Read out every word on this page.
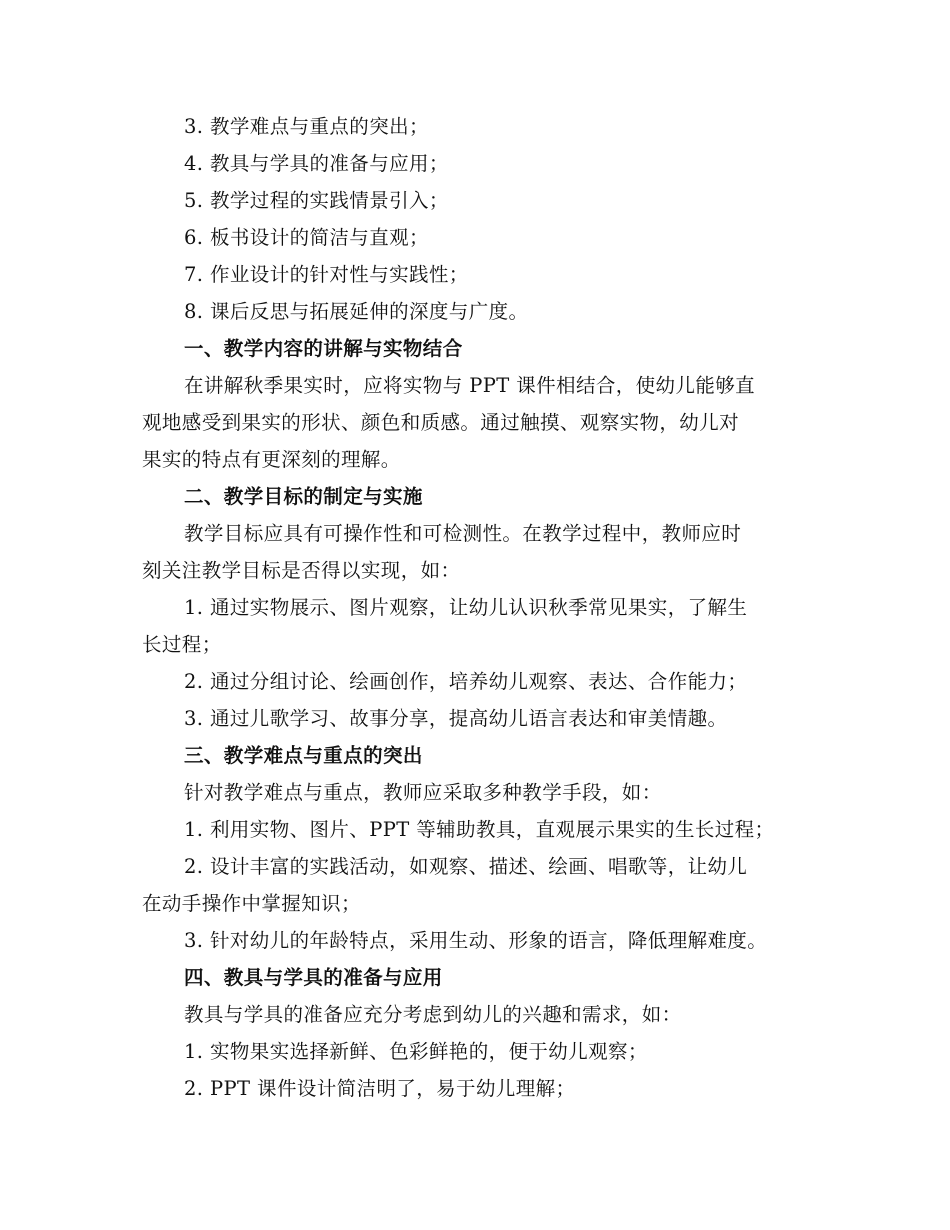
3. 教学难点与重点的突出；
4. 教具与学具的准备与应用；
5. 教学过程的实践情景引入；
6. 板书设计的简洁与直观；
7. 作业设计的针对性与实践性；
8. 课后反思与拓展延伸的深度与广度。
一、教学内容的讲解与实物结合
在讲解秋季果实时，应将实物与 PPT 课件相结合，使幼儿能够直
观地感受到果实的形状、颜色和质感。通过触摸、观察实物，幼儿对
果实的特点有更深刻的理解。
二、教学目标的制定与实施
教学目标应具有可操作性和可检测性。在教学过程中，教师应时
刻关注教学目标是否得以实现，如：
1. 通过实物展示、图片观察，让幼儿认识秋季常见果实，了解生
长过程；
2. 通过分组讨论、绘画创作，培养幼儿观察、表达、合作能力；
3. 通过儿歌学习、故事分享，提高幼儿语言表达和审美情趣。
三、教学难点与重点的突出
针对教学难点与重点，教师应采取多种教学手段，如：
1. 利用实物、图片、PPT 等辅助教具，直观展示果实的生长过程；
2. 设计丰富的实践活动，如观察、描述、绘画、唱歌等，让幼儿
在动手操作中掌握知识；
3. 针对幼儿的年龄特点，采用生动、形象的语言，降低理解难度。
四、教具与学具的准备与应用
教具与学具的准备应充分考虑到幼儿的兴趣和需求，如：
1. 实物果实选择新鲜、色彩鲜艳的，便于幼儿观察；
2. PPT 课件设计简洁明了，易于幼儿理解；
